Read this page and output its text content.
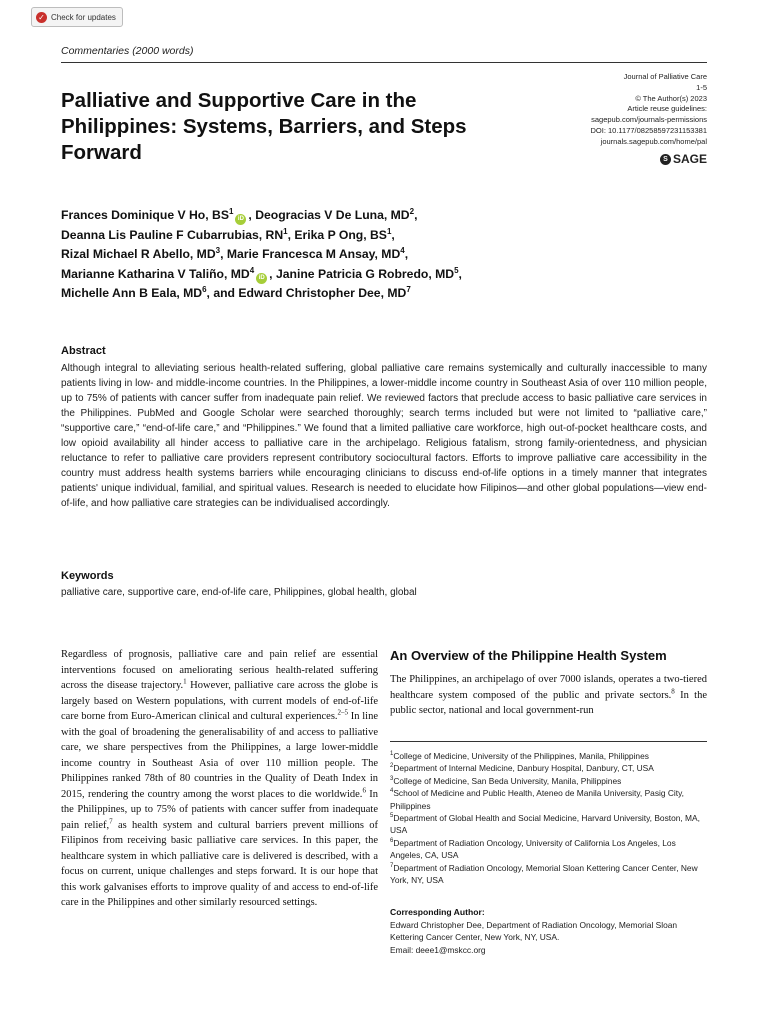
✓ Check for updates
Commentaries (2000 words)
Palliative and Supportive Care in the Philippines: Systems, Barriers, and Steps Forward
Journal of Palliative Care
1-5
© The Author(s) 2023
Article reuse guidelines:
sagepub.com/journals-permissions
DOI: 10.1177/08258597231153381
journals.sagepub.com/home/pal
S SAGE
Frances Dominique V Ho, $BS^1iD$ , Deogracias V De Luna, $MD^2$,
Deanna Lis Pauline F Cubarrubias, $RN^1$, Erika P Ong, $BS^1$,
Rizal Michael R Abello, $MD^3$, Marie Francesca M Ansay, $MD^4$,
Marianne Katharina V Taliño, $MD^4iD$ , Janine Patricia G Robredo, $MD^5$,
Michelle Ann B Eala, $MD^6$, and Edward Christopher Dee, $MD^7$
Abstract
Although integral to alleviating serious health-related suffering, global palliative care remains systemically and culturally inaccessible to many patients living in low- and middle-income countries. In the Philippines, a lower-middle income country in Southeast Asia of over 110 million people, up to 75% of patients with cancer suffer from inadequate pain relief. We reviewed factors that preclude access to basic palliative care services in the Philippines. PubMed and Google Scholar were searched thoroughly; search terms included but were not limited to “palliative care,” “supportive care,” “end-of-life care,” and “Philippines.” We found that a limited palliative care workforce, high out-of-pocket healthcare costs, and low opioid availability all hinder access to palliative care in the archipelago. Religious fatalism, strong family-orientedness, and physician reluctance to refer to palliative care providers represent contributory sociocultural factors. Efforts to improve palliative care accessibility in the country must address health systems barriers while encouraging clinicians to discuss end-of-life options in a timely manner that integrates patients' unique individual, familial, and spiritual values. Research is needed to elucidate how Filipinos—and other global populations—view end-of-life, and how palliative care strategies can be individualised accordingly.
Keywords
palliative care, supportive care, end-of-life care, Philippines, global health, global
Regardless of prognosis, palliative care and pain relief are essential interventions focused on ameliorating serious health-related suffering across the disease trajectory.$^1$ However, palliative care across the globe is largely based on Western populations, with current models of end-of-life care borne from Euro-American clinical and cultural experiences.$^{2-5}$ In line with the goal of broadening the generalisability of and access to palliative care, we share perspectives from the Philippines, a large lower-middle income country in Southeast Asia of over 110 million people. The Philippines ranked 78th of 80 countries in the Quality of Death Index in 2015, rendering the country among the worst places to die worldwide.$^6$ In the Philippines, up to 75% of patients with cancer suffer from inadequate pain relief,$^7$ as health system and cultural barriers prevent millions of Filipinos from receiving basic palliative care services. In this paper, the healthcare system in which palliative care is delivered is described, with a focus on current, unique challenges and steps forward. It is our hope that this work galvanises efforts to improve quality of and access to end-of-life care in the Philippines and other similarly resourced settings.
An Overview of the Philippine Health System
The Philippines, an archipelago of over 7000 islands, operates a two-tiered healthcare system composed of the public and private sectors.$^8$ In the public sector, national and local government-run

$^1$College of Medicine, University of the Philippines, Manila, Philippines

$^2$Department of Internal Medicine, Danbury Hospital, Danbury, CT, USA

$^3$College of Medicine, San Beda University, Manila, Philippines

$^4$School of Medicine and Public Health, Ateneo de Manila University, Pasig City, Philippines

$^5$Department of Global Health and Social Medicine, Harvard University, Boston, MA, USA

$^6$Department of Radiation Oncology, University of California Los Angeles, Los Angeles, CA, USA

$^7$Department of Radiation Oncology, Memorial Sloan Kettering Cancer Center, New York, NY, USA

Corresponding Author:
Edward Christopher Dee, Department of Radiation Oncology, Memorial Sloan Kettering Cancer Center, New York, NY, USA.
Email: deee1@mskcc.org
